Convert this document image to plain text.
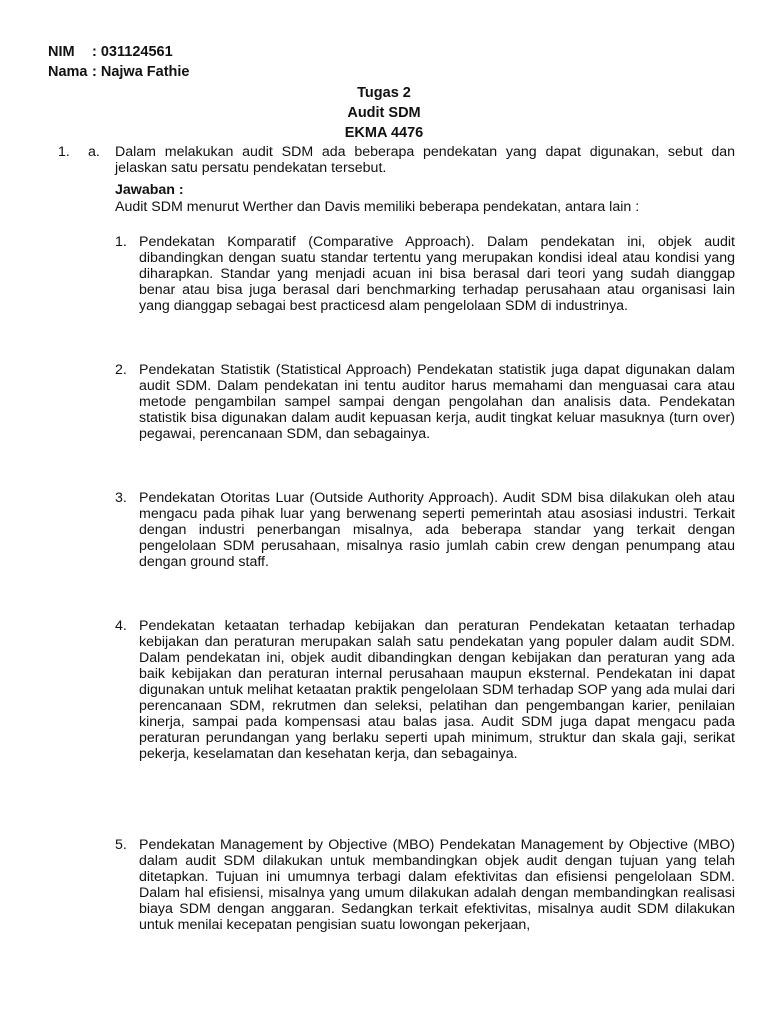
NIM : 031124561
Nama : Najwa Fathie
Tugas 2
Audit SDM
EKMA 4476
1. a. Dalam melakukan audit SDM ada beberapa pendekatan yang dapat digunakan, sebut dan jelaskan satu persatu pendekatan tersebut.
Jawaban :
Audit SDM menurut Werther dan Davis memiliki beberapa pendekatan, antara lain :
1. Pendekatan Komparatif (Comparative Approach). Dalam pendekatan ini, objek audit dibandingkan dengan suatu standar tertentu yang merupakan kondisi ideal atau kondisi yang diharapkan. Standar yang menjadi acuan ini bisa berasal dari teori yang sudah dianggap benar atau bisa juga berasal dari benchmarking terhadap perusahaan atau organisasi lain yang dianggap sebagai best practicesd alam pengelolaan SDM di industrinya.
2. Pendekatan Statistik (Statistical Approach) Pendekatan statistik juga dapat digunakan dalam audit SDM. Dalam pendekatan ini tentu auditor harus memahami dan menguasai cara atau metode pengambilan sampel sampai dengan pengolahan dan analisis data. Pendekatan statistik bisa digunakan dalam audit kepuasan kerja, audit tingkat keluar masuknya (turn over) pegawai, perencanaan SDM, dan sebagainya.
3. Pendekatan Otoritas Luar (Outside Authority Approach). Audit SDM bisa dilakukan oleh atau mengacu pada pihak luar yang berwenang seperti pemerintah atau asosiasi industri. Terkait dengan industri penerbangan misalnya, ada beberapa standar yang terkait dengan pengelolaan SDM perusahaan, misalnya rasio jumlah cabin crew dengan penumpang atau dengan ground staff.
4. Pendekatan ketaatan terhadap kebijakan dan peraturan Pendekatan ketaatan terhadap kebijakan dan peraturan merupakan salah satu pendekatan yang populer dalam audit SDM. Dalam pendekatan ini, objek audit dibandingkan dengan kebijakan dan peraturan yang ada baik kebijakan dan peraturan internal perusahaan maupun eksternal. Pendekatan ini dapat digunakan untuk melihat ketaatan praktik pengelolaan SDM terhadap SOP yang ada mulai dari perencanaan SDM, rekrutmen dan seleksi, pelatihan dan pengembangan karier, penilaian kinerja, sampai pada kompensasi atau balas jasa. Audit SDM juga dapat mengacu pada peraturan perundangan yang berlaku seperti upah minimum, struktur dan skala gaji, serikat pekerja, keselamatan dan kesehatan kerja, dan sebagainya.
5. Pendekatan Management by Objective (MBO) Pendekatan Management by Objective (MBO) dalam audit SDM dilakukan untuk membandingkan objek audit dengan tujuan yang telah ditetapkan. Tujuan ini umumnya terbagi dalam efektivitas dan efisiensi pengelolaan SDM. Dalam hal efisiensi, misalnya yang umum dilakukan adalah dengan membandingkan realisasi biaya SDM dengan anggaran. Sedangkan terkait efektivitas, misalnya audit SDM dilakukan untuk menilai kecepatan pengisian suatu lowongan pekerjaan,
